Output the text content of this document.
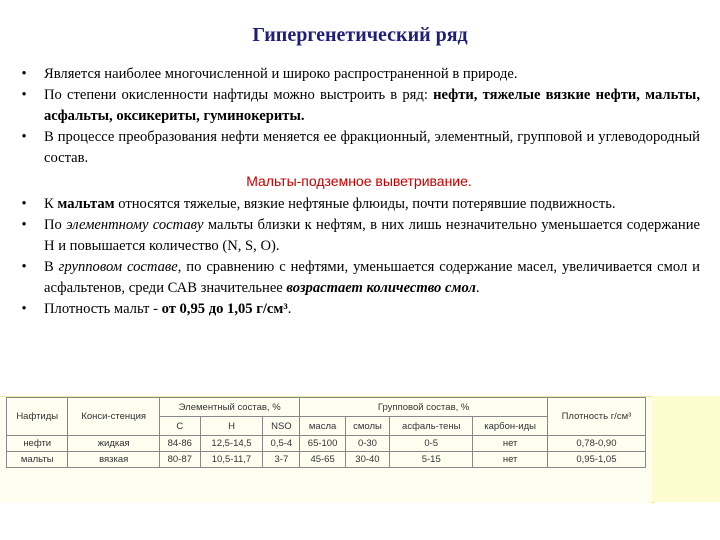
Гипергенетический ряд
• Является наиболее многочисленной и широко распространенной в природе.
• По степени окисленности нафтиды можно выстроить в ряд: нефти, тяжелые вязкие нефти, мальты, асфальты, оксикериты, гуминокериты.
• В процессе преобразования нефти меняется ее фракционный, элементный, групповой и углеводородный состав.
Мальты-подземное выветривание.
• К мальтам относятся тяжелые, вязкие нефтяные флюиды, почти потерявшие подвижность.
• По элементному составу мальты близки к нефтям, в них лишь незначительно уменьшается содержание Н и повышается количество (N, S, O).
• В групповом составе, по сравнению с нефтями, уменьшается содержание масел, увеличивается смол и асфальтенов, среди САВ значительнее возрастает количество смол.
• Плотность мальт - от 0,95 до 1,05 г/см³.
Нафтиды	Конси-стенция	Элементный состав, %			Групповой состав, %				Плотность г/см³
		C	H	NSO	масла	смолы	асфаль-тены	карбон-иды	
нефти	жидкая	84-86	12,5-14,5	0,5-4	65-100	0-30	0-5	нет	0,78-0,90
мальты	вязкая	80-87	10,5-11,7	3-7	45-65	30-40	5-15	нет	0,95-1,05
